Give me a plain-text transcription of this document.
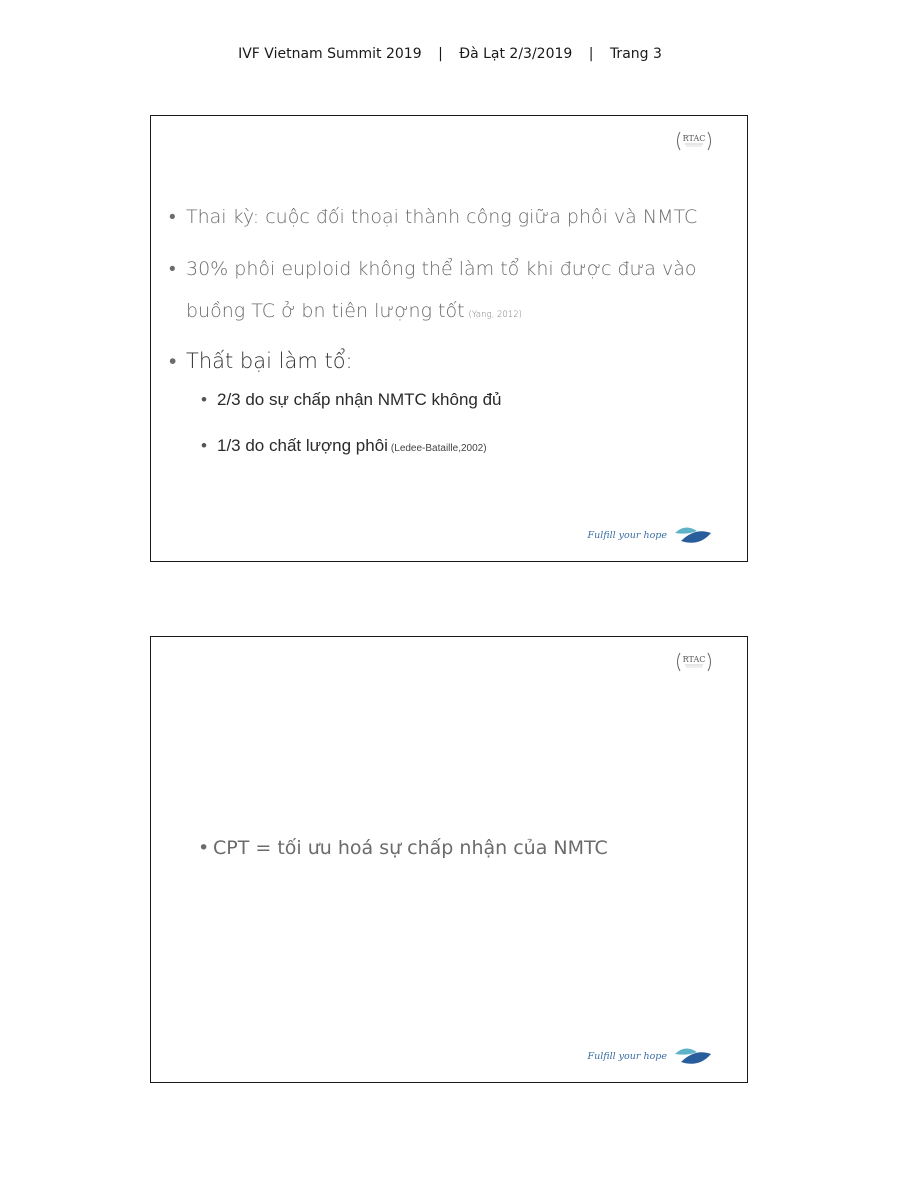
IVF Vietnam Summit 2019 | Đà Lạt 2/3/2019 | Trang 3
RTAC
• Thai kỳ: cuộc đối thoại thành công giữa phôi và NMTC
• 30% phôi euploid không thể làm tổ khi được đưa vào buồng TC ở bn tiên lượng tốt (Yang, 2012)
• Thất bại làm tổ:
• 2/3 do sự chấp nhận NMTC không đủ
• 1/3 do chất lượng phôi (Ledee-Bataille,2002)
Fulfill your hope
RTAC
• CPT = tối ưu hoá sự chấp nhận của NMTC
Fulfill your hope
